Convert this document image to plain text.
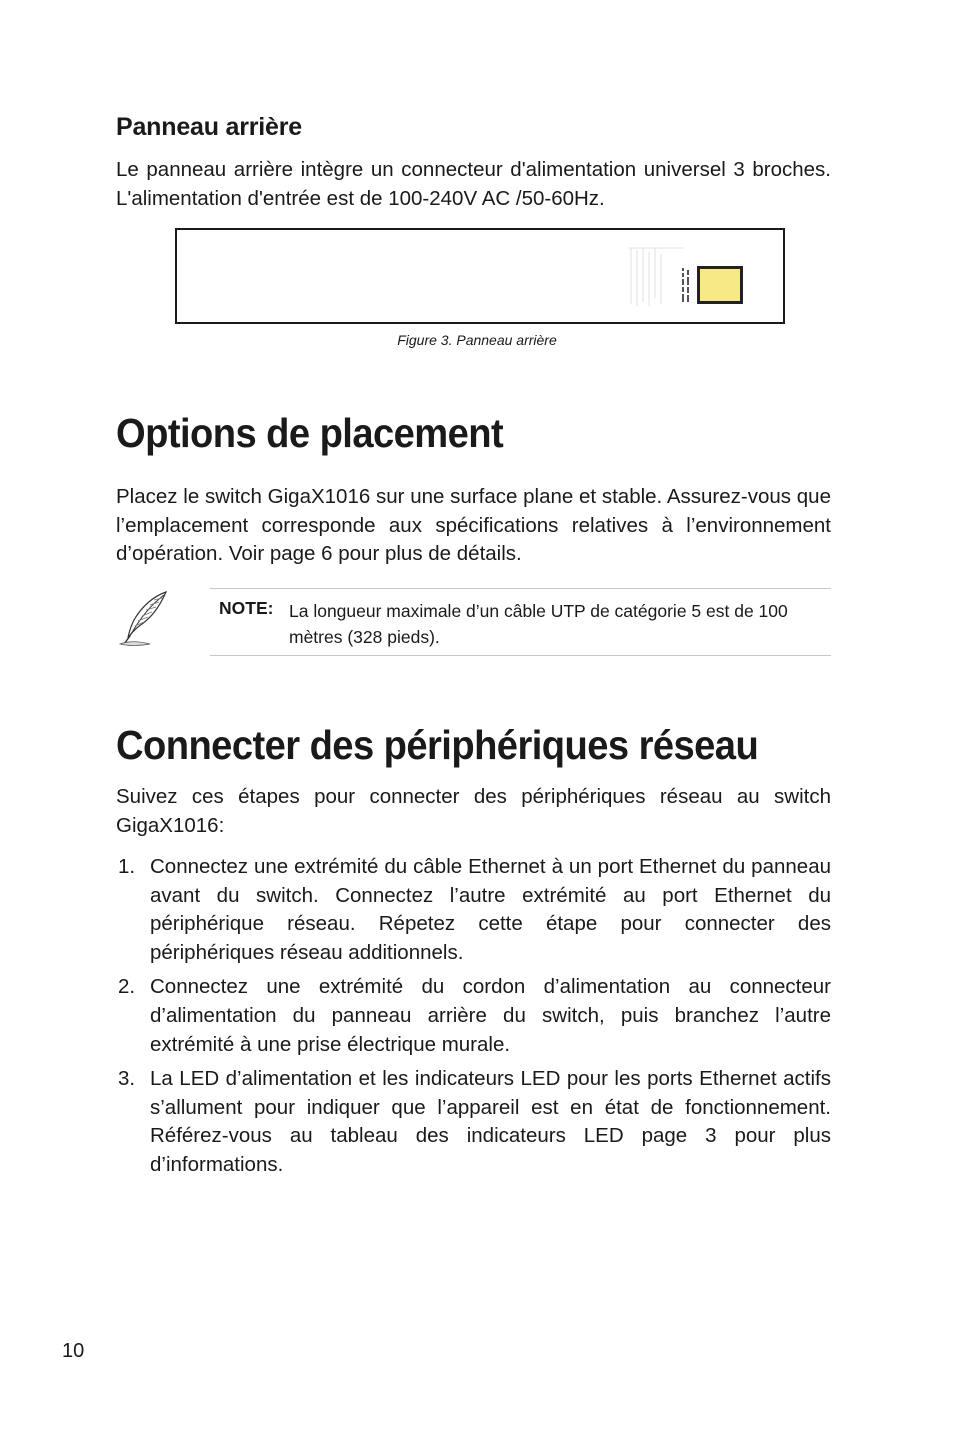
Panneau arrière

Le panneau arrière intègre un connecteur d'alimentation universel 3 broches. L'alimentation d'entrée est de 100-240V AC /50-60Hz.

Figure 3. Panneau arrière

Options de placement

Placez le switch GigaX1016 sur une surface plane et stable. Assurez-vous que l’emplacement corresponde aux spécifications relatives à l’environnement d’opération. Voir page 6 pour plus de détails.

NOTE: La longueur maximale d’un câble UTP de catégorie 5 est de 100 mètres (328 pieds).
Connecter des périphériques réseau

Suivez ces étapes pour connecter des périphériques réseau au switch GigaX1016:

1. Connectez une extrémité du câble Ethernet à un port Ethernet du panneau avant du switch. Connectez l’autre extrémité au port Ethernet du périphérique réseau. Répetez cette étape pour connecter des périphériques réseau additionnels.
2. Connectez une extrémité du cordon d’alimentation au connecteur d’alimentation du panneau arrière du switch, puis branchez l’autre extrémité à une prise électrique murale.
3. La LED d’alimentation et les indicateurs LED pour les ports Ethernet actifs s’allument pour indiquer que l’appareil est en état de fonctionnement. Référez-vous au tableau des indicateurs LED page 3 pour plus d’informations.

10
